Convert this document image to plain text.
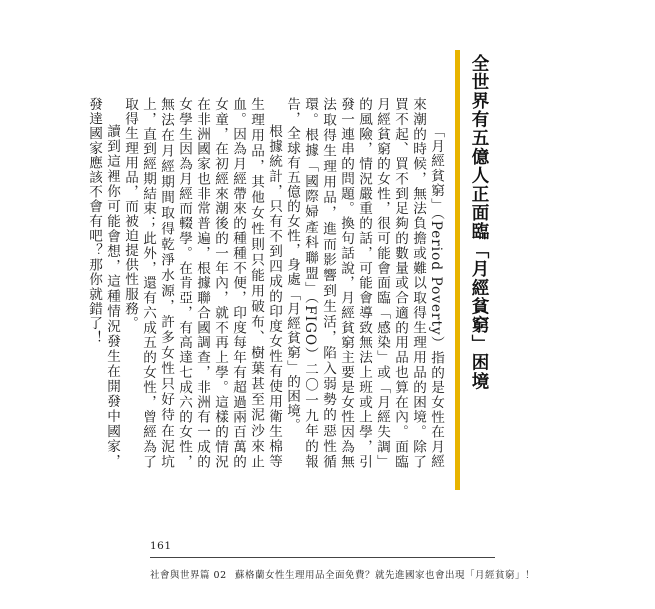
全世界有五億人正面臨「月經貧窮」困境

「月經貧窮」（Period Poverty）指的是女性在月經來潮的時候，無法負擔或難以取得生理用品的困境。除了買不起、買不到足夠的數量或合適的用品也算在內。面臨月經貧窮的女性，很可能會面臨「感染」或「月經失調」的風險，情況嚴重的話，可能會導致無法上班或上學，引發一連串的問題。換句話說，月經貧窮主要是女性因為無法取得生理用品，進而影響到生活，陷入弱勢的惡性循環。根據「國際婦產科聯盟」（FIGO）二〇一九年的報告，全球有五億的女性，身處「月經貧窮」的困境。

根據統計，只有不到四成的印度女性有使用衛生棉等生理用品，其他女性則只能用破布、樹葉甚至泥沙來止血。因為月經帶來的種種不便，印度每年有超過兩百萬的女童，在初經來潮後的一年內，就不再上學。這樣的情況在非洲國家也非常普遍，根據聯合國調查，非洲有一成的女學生因為月經而輟學。在肯亞，有高達七成六的女性，無法在月經期間取得乾淨水源，許多女性只好待在泥坑上，直到經期結束；此外，還有六成五的女性，曾經為了取得生理用品，而被迫提供性服務。

讀到這裡你可能會想，這種情況發生在開發中國家，發達國家應該不會有吧？那你就錯了！

161
社會與世界篇 02 蘇格蘭女性生理用品全面免費？就先進國家也會出現「月經貧窮」！
